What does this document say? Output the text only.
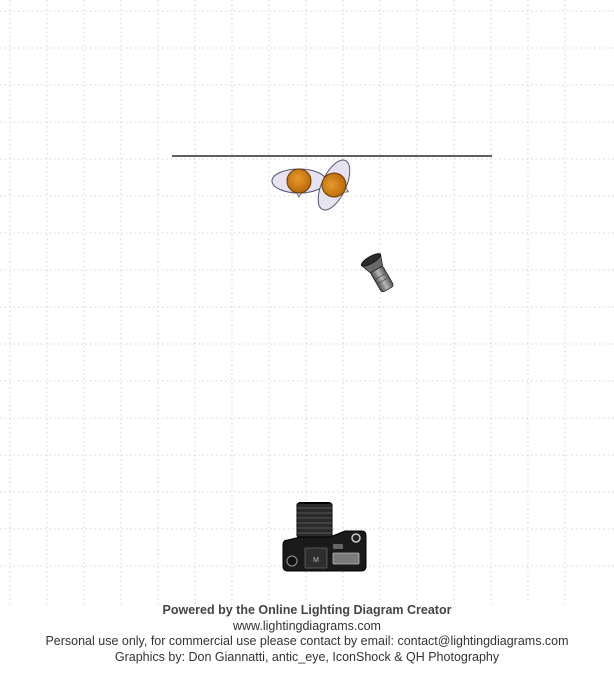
M
Powered by the Online Lighting Diagram Creator
www.lightingdiagrams.com
Personal use only, for commercial use please contact by email: contact@lightingdiagrams.com
Graphics by: Don Giannatti, antic_eye, IconShock & QH Photography
